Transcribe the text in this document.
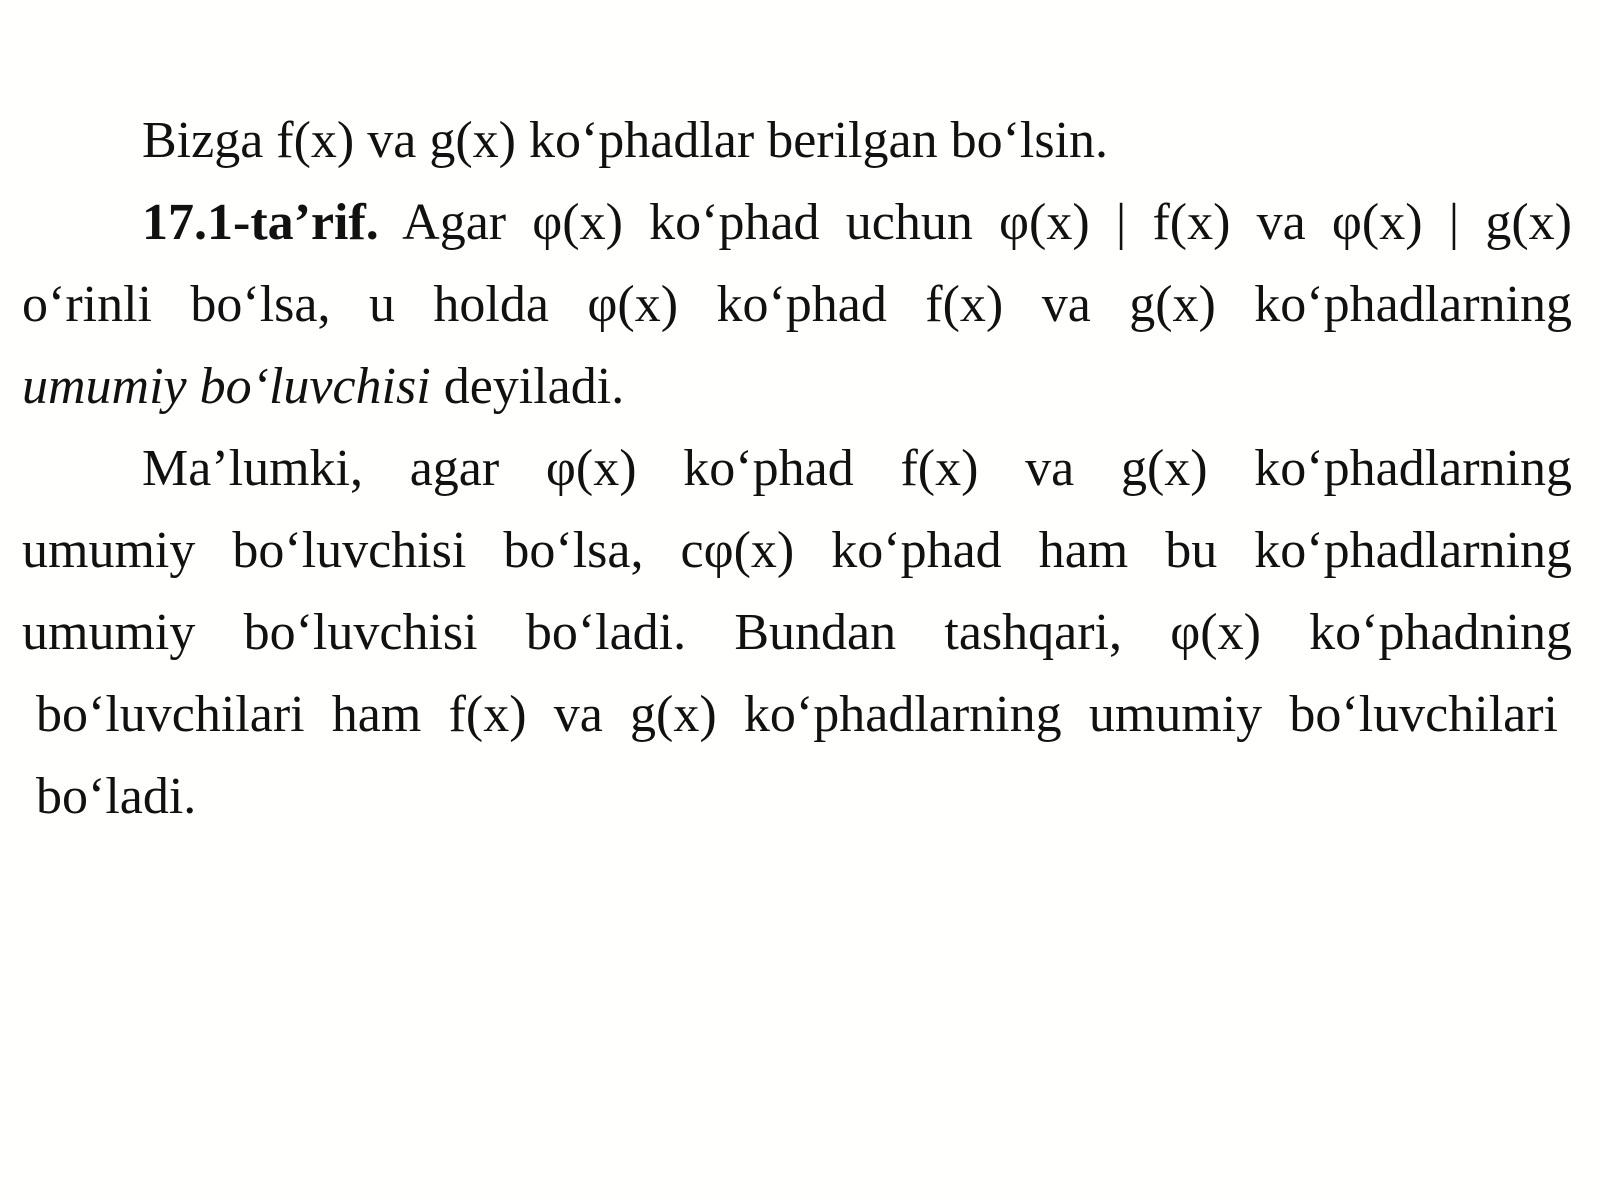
Bizga f(x) va g(x) ko‘phadlar berilgan bo‘lsin.

17.1-ta’rif. Agar φ(x) ko‘phad uchun φ(x) | f(x) va φ(x) | g(x)
o‘rinli bo‘lsa, u holda φ(x) ko‘phad f(x) va g(x) ko‘phadlarning
umumiy bo‘luvchisi deyiladi.

Ma’lumki, agar φ(x) ko‘phad f(x) va g(x) ko‘phadlarning
umumiy bo‘luvchisi bo‘lsa, cφ(x) ko‘phad ham bu ko‘phadlarning
umumiy bo‘luvchisi bo‘ladi. Bundan tashqari, φ(x) ko‘phadning

bo‘luvchilari ham f(x) va g(x) ko‘phadlarning umumiy bo‘luvchilari
bo‘ladi.
